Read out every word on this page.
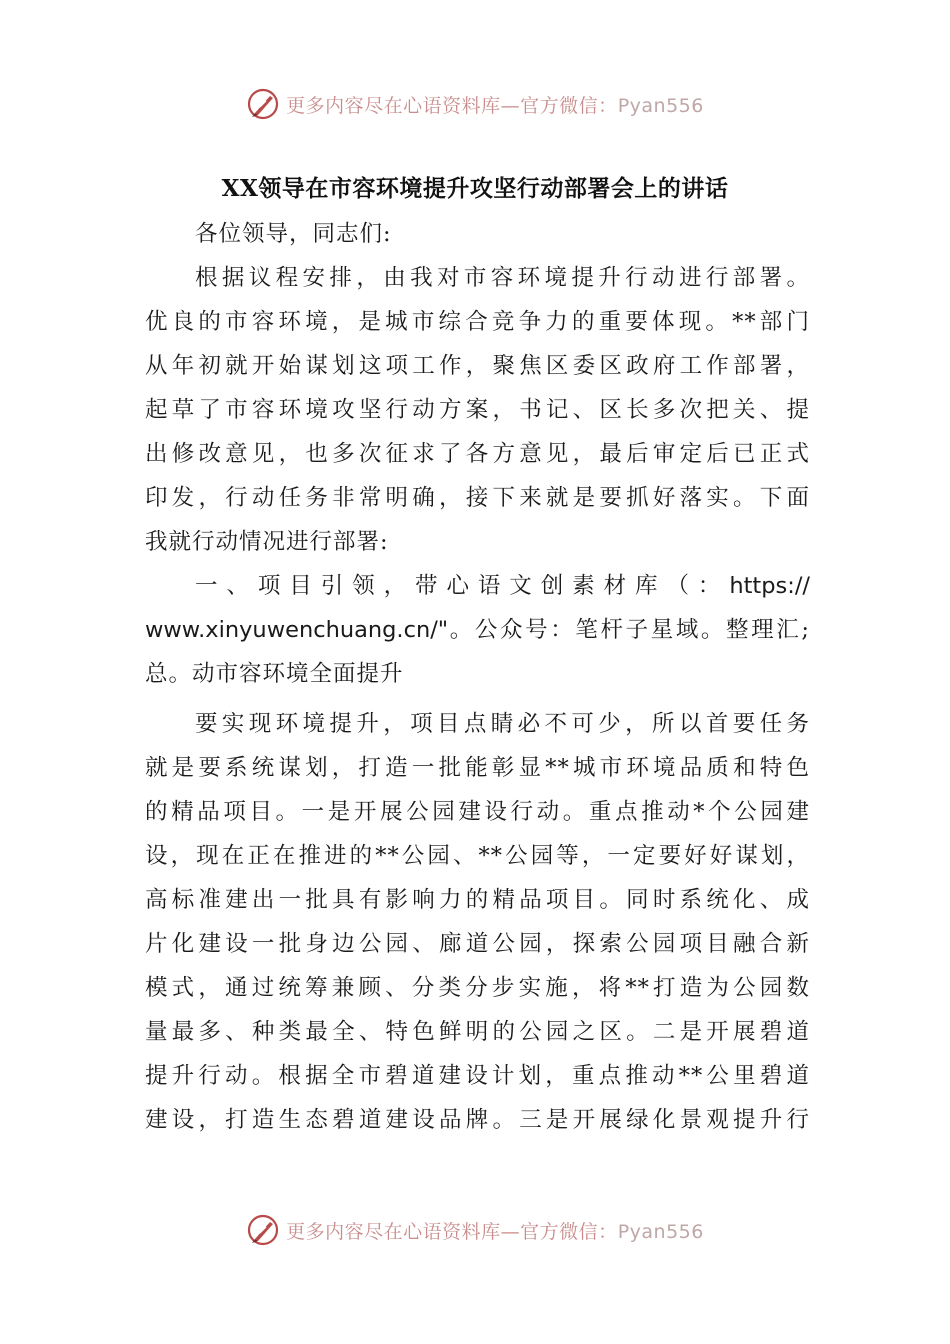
更多内容尽在心语资料库—官方微信：Pyan556
XX领导在市容环境提升攻坚行动部署会上的讲话
各位领导，同志们:
根据议程安排，由我对市容环境提升行动进行部署。
优良的市容环境，是城市综合竞争力的重要体现。**部门
从年初就开始谋划这项工作，聚焦区委区政府工作部署，
起草了市容环境攻坚行动方案，书记、区长多次把关、提
出修改意见，也多次征求了各方意见，最后审定后已正式
印发，行动任务非常明确，接下来就是要抓好落实。下面
我就行动情况进行部署:
一、项目引领，带心语文创素材库（：https://
www.xinyuwenchuang.cn/"。公众号：笔杆子星域。整理汇;
总。动市容环境全面提升
要实现环境提升，项目点睛必不可少，所以首要任务
就是要系统谋划，打造一批能彰显**城市环境品质和特色
的精品项目。一是开展公园建设行动。重点推动*个公园建
设，现在正在推进的**公园、**公园等，一定要好好谋划，
高标准建出一批具有影响力的精品项目。同时系统化、成
片化建设一批身边公园、廊道公园，探索公园项目融合新
模式，通过统筹兼顾、分类分步实施，将**打造为公园数
量最多、种类最全、特色鲜明的公园之区。二是开展碧道
提升行动。根据全市碧道建设计划，重点推动**公里碧道
建设，打造生态碧道建设品牌。三是开展绿化景观提升行
更多内容尽在心语资料库—官方微信：Pyan556
